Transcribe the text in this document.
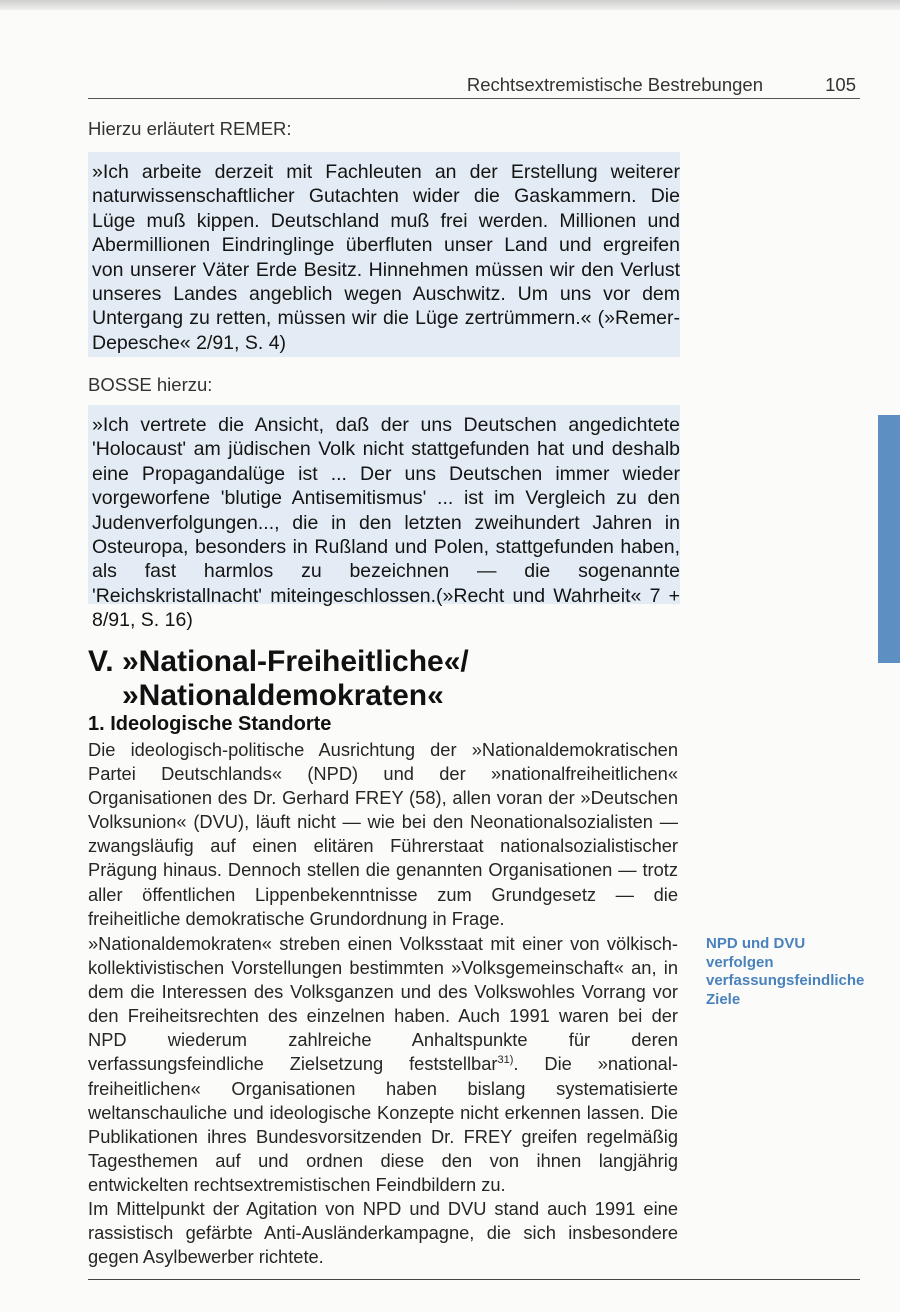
Rechtsextremistische Bestrebungen	105

Hierzu erläutert REMER:

»Ich arbeite derzeit mit Fachleuten an der Erstellung weiterer naturwissenschaftlicher Gutachten wider die Gaskammern. Die Lüge muß kippen. Deutschland muß frei werden. Millionen und Abermillionen Eindringlinge überfluten unser Land und ergreifen von unserer Väter Erde Besitz. Hinnehmen müssen wir den Verlust unseres Landes angeblich wegen Auschwitz. Um uns vor dem Untergang zu retten, müssen wir die Lüge zertrümmern.« (»Remer-Depesche« 2/91, S. 4)

BOSSE hierzu:

»Ich vertrete die Ansicht, daß der uns Deutschen angedichtete 'Holocaust' am jüdischen Volk nicht stattgefunden hat und deshalb eine Propagandalüge ist ... Der uns Deutschen immer wieder vorgeworfene 'blutige Antisemitismus' ... ist im Vergleich zu den Judenverfolgungen..., die in den letzten zweihundert Jahren in Osteuropa, besonders in Rußland und Polen, stattgefunden haben, als fast harmlos zu bezeichnen — die sogenannte 'Reichskristallnacht' miteingeschlossen.(»Recht und Wahrheit« 7 + 8/91, S. 16)

V. »National-Freiheitliche«/
»Nationaldemokraten«
1. Ideologische Standorte

Die ideologisch-politische Ausrichtung der »Nationaldemokratischen Partei Deutschlands« (NPD) und der »nationalfreiheitlichen« Organisationen des Dr. Gerhard FREY (58), allen voran der »Deutschen Volksunion« (DVU), läuft nicht — wie bei den Neonationalsozialisten — zwangsläufig auf einen elitären Führerstaat nationalsozialistischer Prägung hinaus. Dennoch stellen die genannten Organisationen — trotz aller öffentlichen Lippenbekenntnisse zum Grundgesetz — die freiheitliche demokratische Grundordnung in Frage.

»Nationaldemokraten« streben einen Volksstaat mit einer von völkisch-kollektivistischen Vorstellungen bestimmten »Volksgemeinschaft« an, in dem die Interessen des Volksganzen und des Volkswohles Vorrang vor den Freiheitsrechten des einzelnen haben. Auch 1991 waren bei der NPD wiederum zahlreiche Anhaltspunkte für deren verfassungsfeindliche Zielsetzung feststellbar$^{31)}$. Die »national- freiheitlichen« Organisationen haben bislang systematisierte weltanschauliche und ideologische Konzepte nicht erkennen lassen. Die Publikationen ihres Bundesvorsitzenden Dr. FREY greifen regelmäßig Tagesthemen auf und ordnen diese den von ihnen langjährig entwickelten rechtsextremistischen Feindbildern zu.

Im Mittelpunkt der Agitation von NPD und DVU stand auch 1991 eine rassistisch gefärbte Anti-Ausländerkampagne, die sich insbesondere gegen Asylbewerber richtete.

NPD und DVU verfolgen verfassungsfeindliche Ziele
